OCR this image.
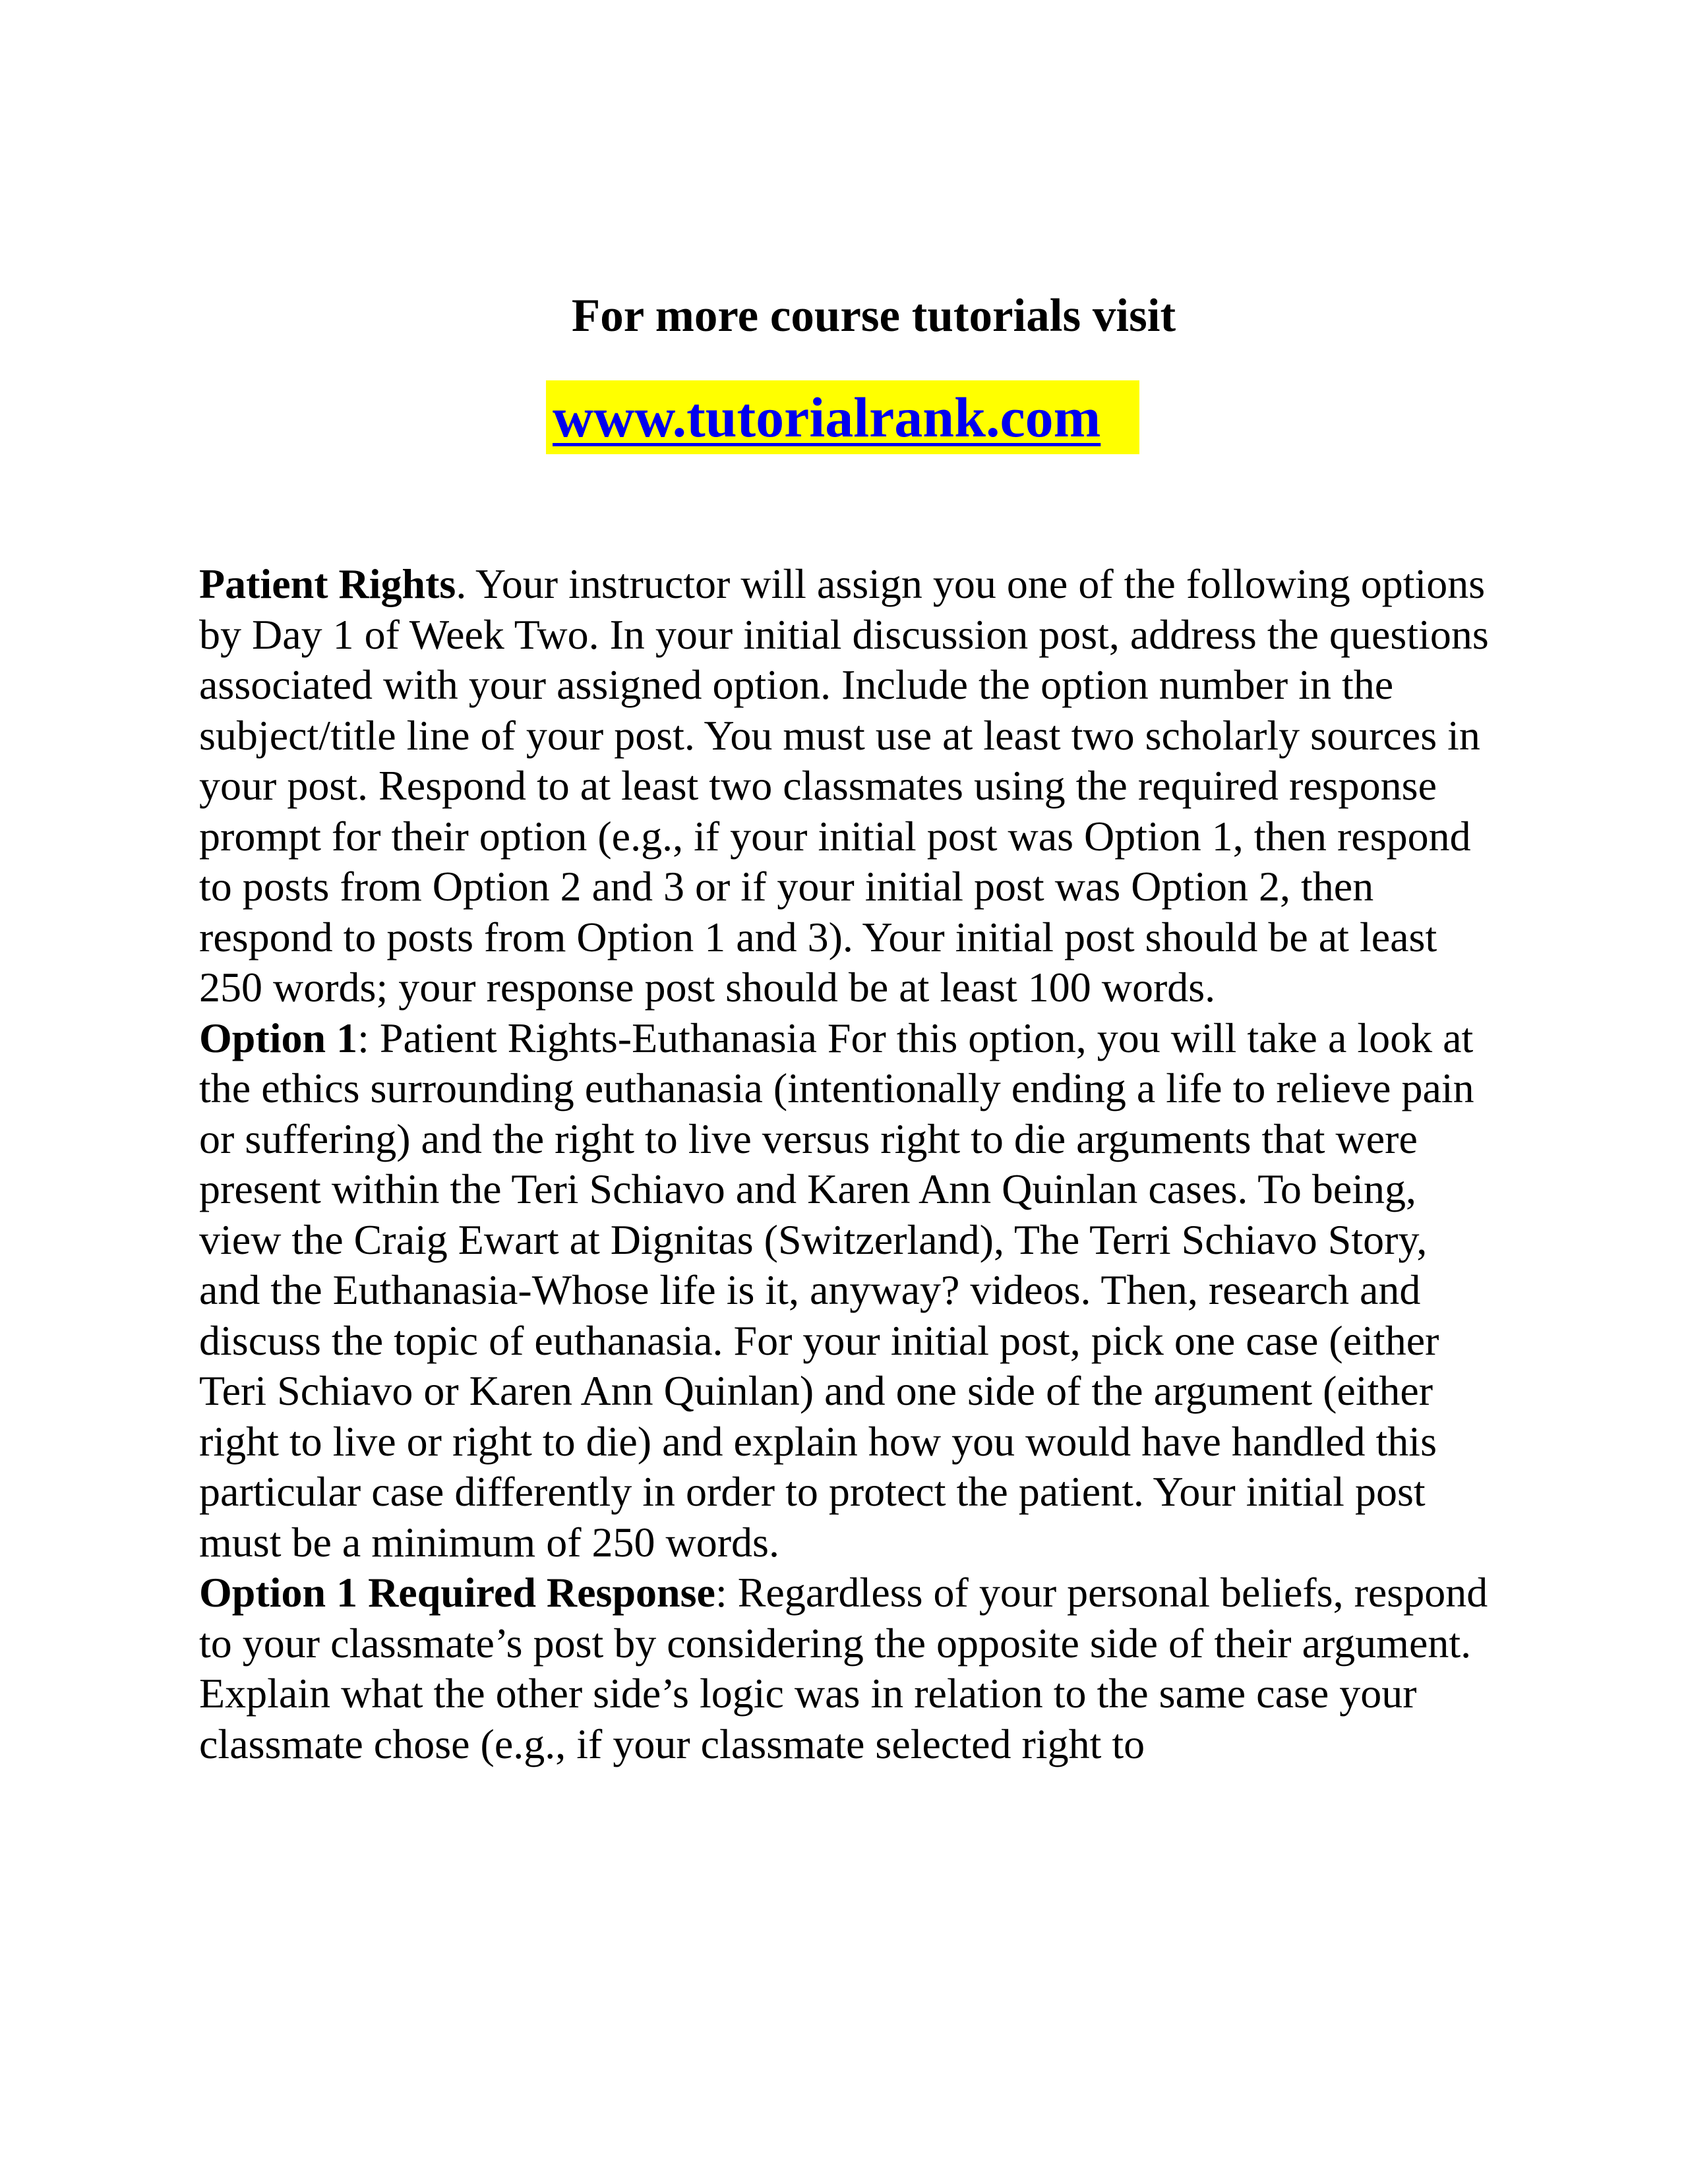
For more course tutorials visit
www.tutorialrank.com

Patient Rights. Your instructor will assign you one of the following options by Day 1 of Week Two. In your initial discussion post, address the questions associated with your assigned option. Include the option number in the subject/title line of your post. You must use at least two scholarly sources in your post. Respond to at least two classmates using the required response prompt for their option (e.g., if your initial post was Option 1, then respond to posts from Option 2 and 3 or if your initial post was Option 2, then respond to posts from Option 1 and 3). Your initial post should be at least 250 words; your response post should be at least 100 words.

Option 1: Patient Rights-Euthanasia For this option, you will take a look at the ethics surrounding euthanasia (intentionally ending a life to relieve pain or suffering) and the right to live versus right to die arguments that were present within the Teri Schiavo and Karen Ann Quinlan cases. To being, view the Craig Ewart at Dignitas (Switzerland), The Terri Schiavo Story, and the Euthanasia-Whose life is it, anyway? videos. Then, research and discuss the topic of euthanasia. For your initial post, pick one case (either Teri Schiavo or Karen Ann Quinlan) and one side of the argument (either right to live or right to die) and explain how you would have handled this particular case differently in order to protect the patient. Your initial post must be a minimum of 250 words.

Option 1 Required Response: Regardless of your personal beliefs, respond to your classmate’s post by considering the opposite side of their argument. Explain what the other side’s logic was in relation to the same case your classmate chose (e.g., if your classmate selected right to
